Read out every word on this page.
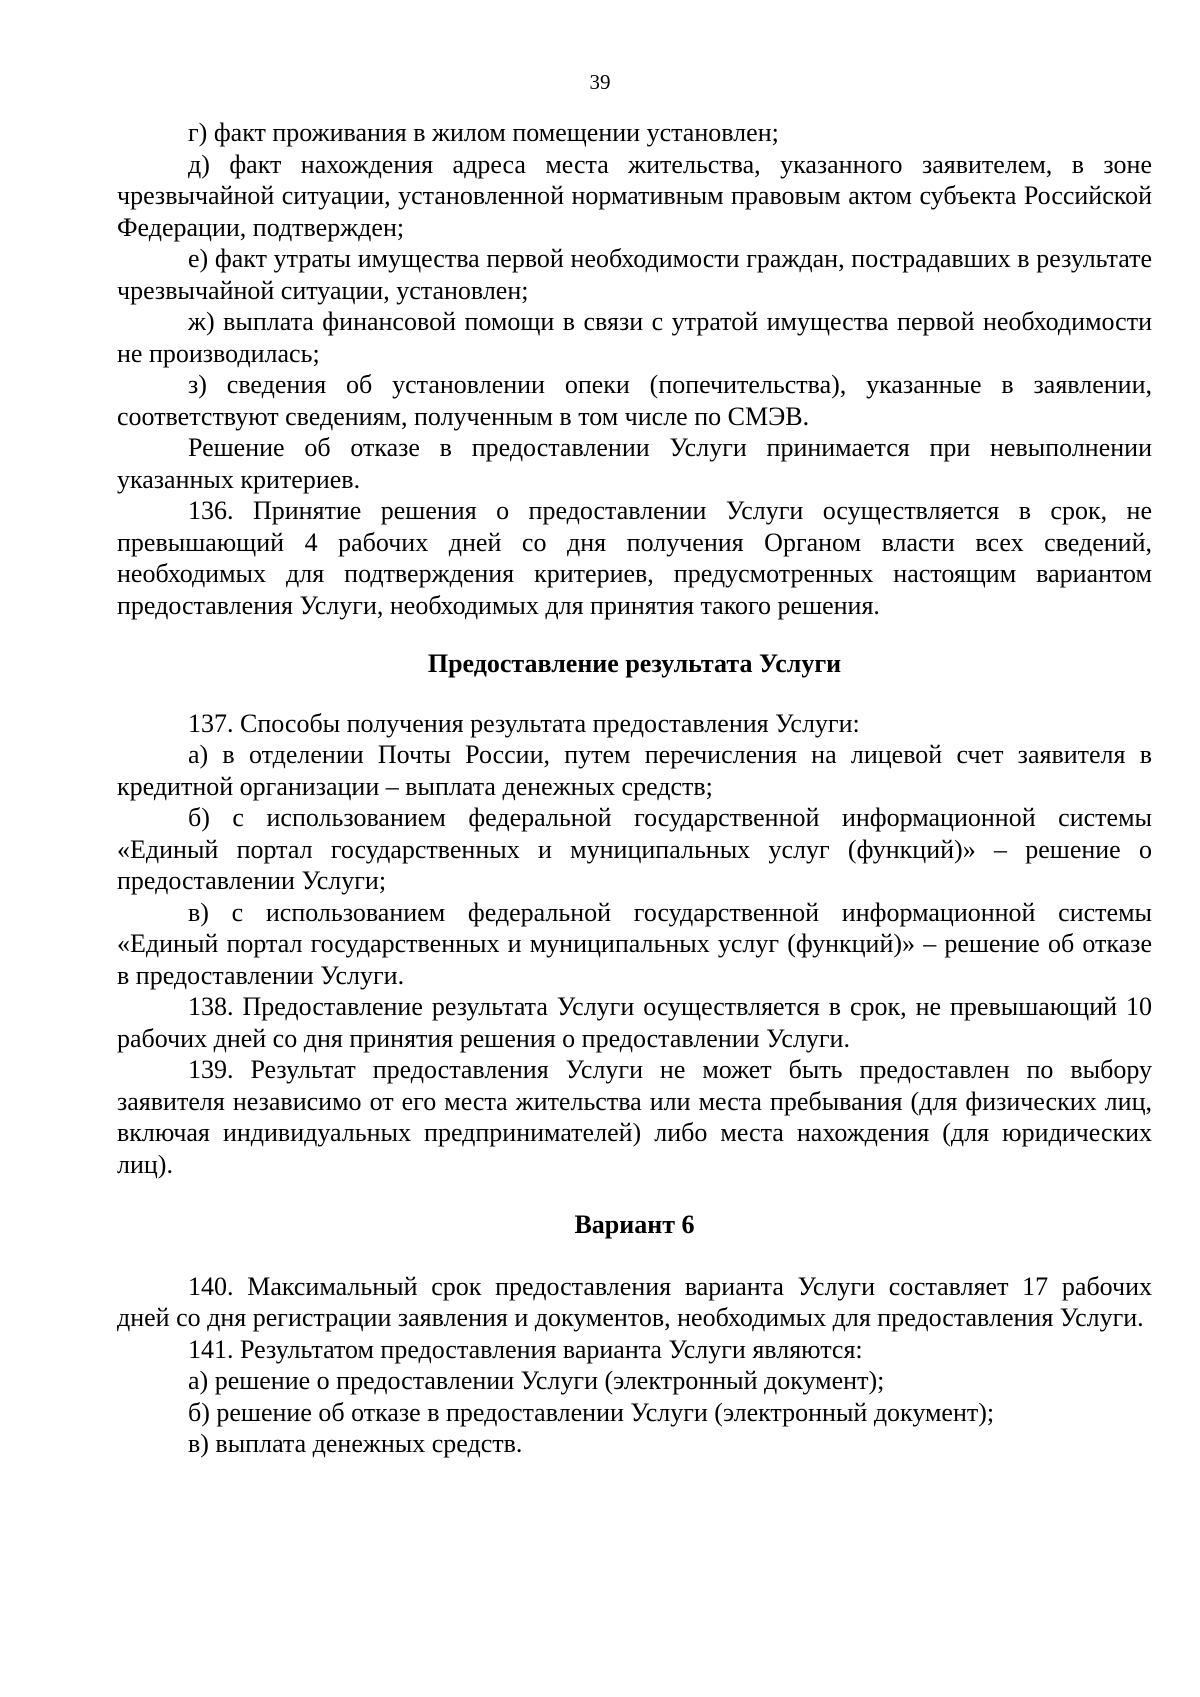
39

г) факт проживания в жилом помещении установлен;

д) факт нахождения адреса места жительства, указанного заявителем, в зоне чрезвычайной ситуации, установленной нормативным правовым актом субъекта Российской Федерации, подтвержден;

е) факт утраты имущества первой необходимости граждан, пострадавших в результате чрезвычайной ситуации, установлен;

ж) выплата финансовой помощи в связи с утратой имущества первой необходимости не производилась;

з) сведения об установлении опеки (попечительства), указанные в заявлении, соответствуют сведениям, полученным в том числе по СМЭВ.

Решение об отказе в предоставлении Услуги принимается при невыполнении указанных критериев.

136. Принятие решения о предоставлении Услуги осуществляется в срок, не превышающий 4 рабочих дней со дня получения Органом власти всех сведений, необходимых для подтверждения критериев, предусмотренных настоящим вариантом предоставления Услуги, необходимых для принятия такого решения.

Предоставление результата Услуги

137. Способы получения результата предоставления Услуги:

а) в отделении Почты России, путем перечисления на лицевой счет заявителя в кредитной организации – выплата денежных средств;

б) с использованием федеральной государственной информационной системы «Единый портал государственных и муниципальных услуг (функций)» – решение о предоставлении Услуги;

в) с использованием федеральной государственной информационной системы «Единый портал государственных и муниципальных услуг (функций)» – решение об отказе в предоставлении Услуги.

138. Предоставление результата Услуги осуществляется в срок, не превышающий 10 рабочих дней со дня принятия решения о предоставлении Услуги.

139. Результат предоставления Услуги не может быть предоставлен по выбору заявителя независимо от его места жительства или места пребывания (для физических лиц, включая индивидуальных предпринимателей) либо места нахождения (для юридических лиц).

Вариант 6

140. Максимальный срок предоставления варианта Услуги составляет 17 рабочих дней со дня регистрации заявления и документов, необходимых для предоставления Услуги.

141. Результатом предоставления варианта Услуги являются:

а) решение о предоставлении Услуги (электронный документ);

б) решение об отказе в предоставлении Услуги (электронный документ);

в) выплата денежных средств.
